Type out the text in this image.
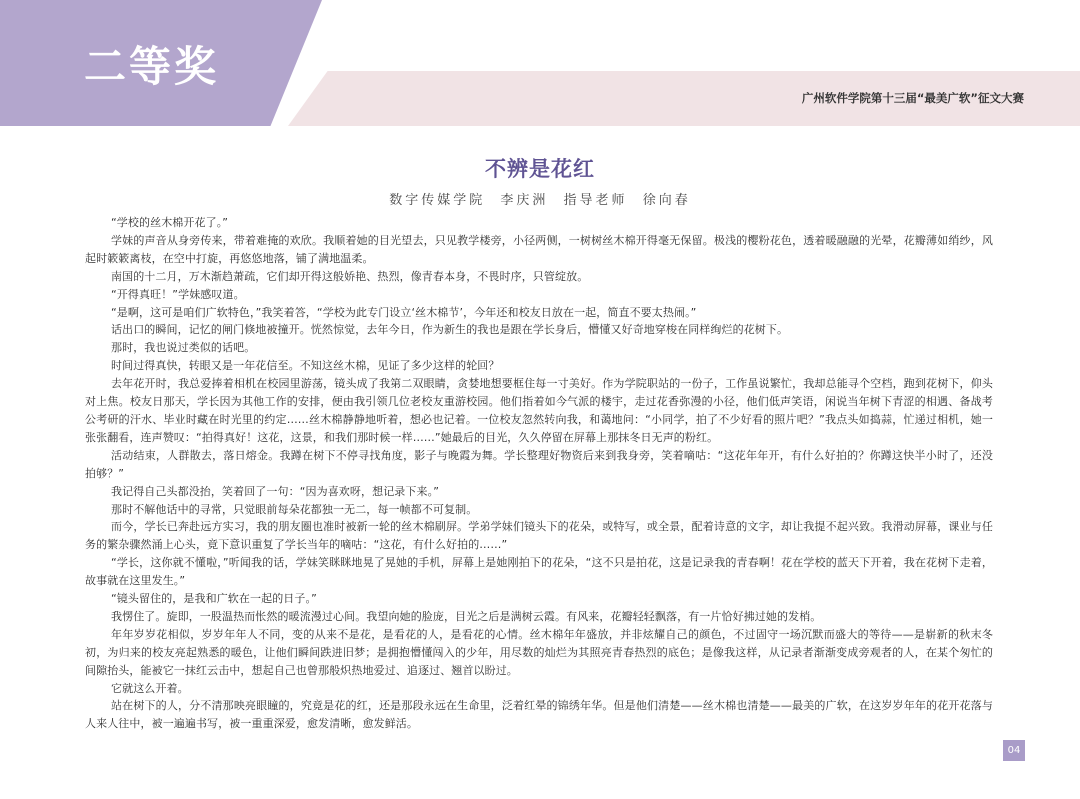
二等奖
广州软件学院第十三届“最美广软”征文大赛
不辨是花红
数字传媒学院 李庆洲 指导老师 徐向春

“学校的丝木棉开花了。”

学妹的声音从身旁传来，带着难掩的欢欣。我顺着她的目光望去，只见教学楼旁，小径两侧，一树树丝木棉开得毫无保留。极浅的樱粉花色，透着暖融融的光晕，花瓣薄如绡纱，风起时簌簌离枝，在空中打旋，再悠悠地落，铺了满地温柔。

南国的十二月，万木渐趋萧疏，它们却开得这般娇艳、热烈，像青春本身，不畏时序，只管绽放。

“开得真旺！”学妹感叹道。

“是啊，这可是咱们广软特色，”我笑着答，“学校为此专门设立‘丝木棉节’，今年还和校友日放在一起，简直不要太热闹。”

话出口的瞬间，记忆的闸门倏地被撞开。恍然惊觉，去年今日，作为新生的我也是跟在学长身后，懵懂又好奇地穿梭在同样绚烂的花树下。

那时，我也说过类似的话吧。

时间过得真快，转眼又是一年花信至。不知这丝木棉，见证了多少这样的轮回？

去年花开时，我总爱捧着相机在校园里游荡，镜头成了我第二双眼睛，贪婪地想要框住每一寸美好。作为学院职站的一份子，工作虽说繁忙，我却总能寻个空档，跑到花树下，仰头对上焦。校友日那天，学长因为其他工作的安排，便由我引领几位老校友重游校园。他们指着如今气派的楼宇，走过花香弥漫的小径，他们低声笑语，闲说当年树下青涩的相遇、备战考公考研的汗水、毕业时藏在时光里的约定……丝木棉静静地听着，想必也记着。一位校友忽然转向我，和蔼地问：“小同学，拍了不少好看的照片吧？”我点头如捣蒜，忙递过相机，她一张张翻看，连声赞叹：“拍得真好！这花，这景，和我们那时候一样……”她最后的目光，久久停留在屏幕上那抹冬日无声的粉红。

活动结束，人群散去，落日熔金。我蹲在树下不停寻找角度，影子与晚霞为舞。学长整理好物资后来到我身旁，笑着嘀咕：“这花年年开，有什么好拍的？你蹲这快半小时了，还没拍够？”

我记得自己头都没抬，笑着回了一句：“因为喜欢呀，想记录下来。”

那时不解他话中的寻常，只觉眼前每朵花都独一无二，每一帧都不可复制。

而今，学长已奔赴远方实习，我的朋友圈也准时被新一轮的丝木棉刷屏。学弟学妹们镜头下的花朵，或特写，或全景，配着诗意的文字，却让我提不起兴致。我滑动屏幕，课业与任务的繁杂骤然涌上心头，竟下意识重复了学长当年的嘀咕：“这花，有什么好拍的……”

“学长，这你就不懂啦，”听闻我的话，学妹笑眯眯地晃了晃她的手机，屏幕上是她刚拍下的花朵，“这不只是拍花，这是记录我的青春啊！花在学校的蓝天下开着，我在花树下走着，故事就在这里发生。”

“镜头留住的，是我和广软在一起的日子。”

我愣住了。旋即，一股温热而怅然的暖流漫过心间。我望向她的脸庞，目光之后是满树云霞。有风来，花瓣轻轻飘落，有一片恰好拂过她的发梢。

年年岁岁花相似，岁岁年年人不同，变的从来不是花，是看花的人，是看花的心情。丝木棉年年盛放，并非炫耀自己的颜色，不过固守一场沉默而盛大的等待——是崭新的秋末冬初，为归来的校友亮起熟悉的暖色，让他们瞬间跌进旧梦；是拥抱懵懂闯入的少年，用尽数的灿烂为其照亮青春热烈的底色；是像我这样，从记录者渐渐变成旁观者的人，在某个匆忙的间隙抬头，能被它一抹红云击中，想起自己也曾那般炽热地爱过、追逐过、翘首以盼过。

它就这么开着。

站在树下的人，分不清那映亮眼瞳的，究竟是花的红，还是那段永远在生命里，泛着红晕的锦绣年华。但是他们清楚——丝木棉也清楚——最美的广软，在这岁岁年年的花开花落与人来人往中，被一遍遍书写，被一重重深爱，愈发清晰，愈发鲜活。

04
